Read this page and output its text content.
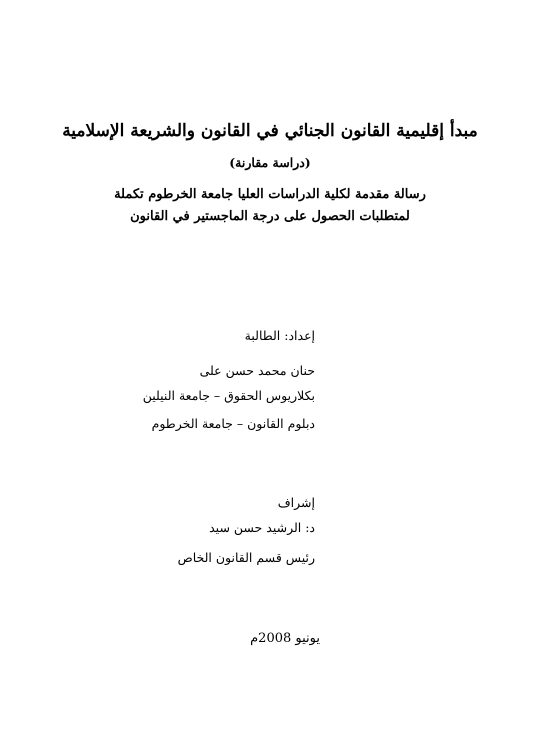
مبدأ إقليمية القانون الجنائي في القانون والشريعة الإسلامية
(دراسة مقارنة)
رسالة مقدمة لكلية الدراسات العليا جامعة الخرطوم تكملة
لمتطلبات الحصول على درجة الماجستير في القانون
إعداد: الطالبة
حنان محمد حسن على
بكلاريوس الحقوق – جامعة النيلين
دبلوم القانون – جامعة الخرطوم
إشراف
د: الرشيد حسن سيد
رئيس قسم القانون الخاص
يونيو 2008م
